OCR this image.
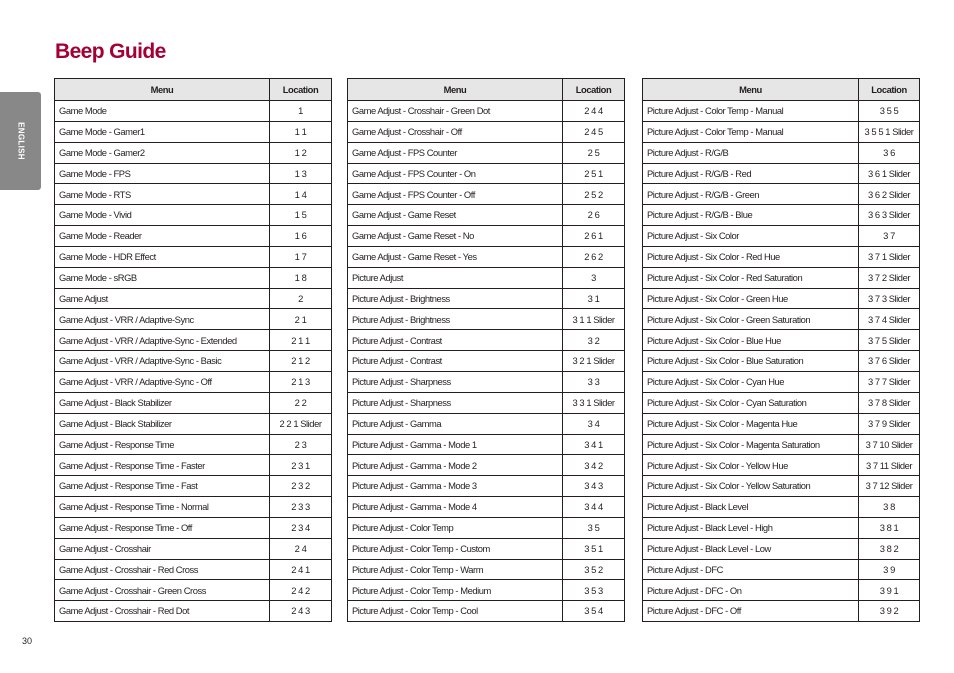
Beep Guide
ENGLISH
Menu	Location
Game Mode	1
Game Mode - Gamer1	1 1
Game Mode - Gamer2	1 2
Game Mode - FPS	1 3
Game Mode - RTS	1 4
Game Mode - Vivid	1 5
Game Mode - Reader	1 6
Game Mode - HDR Effect	1 7
Game Mode - sRGB	1 8
Game Adjust	2
Game Adjust - VRR / Adaptive-Sync	2 1
Game Adjust - VRR / Adaptive-Sync - Extended	2 1 1
Game Adjust - VRR / Adaptive-Sync - Basic	2 1 2
Game Adjust - VRR / Adaptive-Sync - Off	2 1 3
Game Adjust - Black Stabilizer	2 2
Game Adjust - Black Stabilizer	2 2 1 Slider
Game Adjust - Response Time	2 3
Game Adjust - Response Time - Faster	2 3 1
Game Adjust - Response Time - Fast	2 3 2
Game Adjust - Response Time - Normal	2 3 3
Game Adjust - Response Time - Off	2 3 4
Game Adjust - Crosshair	2 4
Game Adjust - Crosshair - Red Cross	2 4 1
Game Adjust - Crosshair - Green Cross	2 4 2
Game Adjust - Crosshair - Red Dot	2 4 3
Menu	Location
Game Adjust - Crosshair - Green Dot	2 4 4
Game Adjust - Crosshair - Off	2 4 5
Game Adjust - FPS Counter	2 5
Game Adjust - FPS Counter - On	2 5 1
Game Adjust - FPS Counter - Off	2 5 2
Game Adjust - Game Reset	2 6
Game Adjust - Game Reset - No	2 6 1
Game Adjust - Game Reset - Yes	2 6 2
Picture Adjust	3
Picture Adjust - Brightness	3 1
Picture Adjust - Brightness	3 1 1 Slider
Picture Adjust - Contrast	3 2
Picture Adjust - Contrast	3 2 1 Slider
Picture Adjust - Sharpness	3 3
Picture Adjust - Sharpness	3 3 1 Slider
Picture Adjust - Gamma	3 4
Picture Adjust - Gamma - Mode 1	3 4 1
Picture Adjust - Gamma - Mode 2	3 4 2
Picture Adjust - Gamma - Mode 3	3 4 3
Picture Adjust - Gamma - Mode 4	3 4 4
Picture Adjust - Color Temp	3 5
Picture Adjust - Color Temp - Custom	3 5 1
Picture Adjust - Color Temp - Warm	3 5 2
Picture Adjust - Color Temp - Medium	3 5 3
Picture Adjust - Color Temp - Cool	3 5 4
Menu	Location
Picture Adjust - Color Temp - Manual	3 5 5
Picture Adjust - Color Temp - Manual	3 5 5 1 Slider
Picture Adjust - R/G/B	3 6
Picture Adjust - R/G/B - Red	3 6 1 Slider
Picture Adjust - R/G/B - Green	3 6 2 Slider
Picture Adjust - R/G/B - Blue	3 6 3 Slider
Picture Adjust - Six Color	3 7
Picture Adjust - Six Color - Red Hue	3 7 1 Slider
Picture Adjust - Six Color - Red Saturation	3 7 2 Slider
Picture Adjust - Six Color - Green Hue	3 7 3 Slider
Picture Adjust - Six Color - Green Saturation	3 7 4 Slider
Picture Adjust - Six Color - Blue Hue	3 7 5 Slider
Picture Adjust - Six Color - Blue Saturation	3 7 6 Slider
Picture Adjust - Six Color - Cyan Hue	3 7 7 Slider
Picture Adjust - Six Color - Cyan Saturation	3 7 8 Slider
Picture Adjust - Six Color - Magenta Hue	3 7 9 Slider
Picture Adjust - Six Color - Magenta Saturation	3 7 10 Slider
Picture Adjust - Six Color - Yellow Hue	3 7 11 Slider
Picture Adjust - Six Color - Yellow Saturation	3 7 12 Slider
Picture Adjust - Black Level	3 8
Picture Adjust - Black Level - High	3 8 1
Picture Adjust - Black Level - Low	3 8 2
Picture Adjust - DFC	3 9
Picture Adjust - DFC - On	3 9 1
Picture Adjust - DFC - Off	3 9 2
30
